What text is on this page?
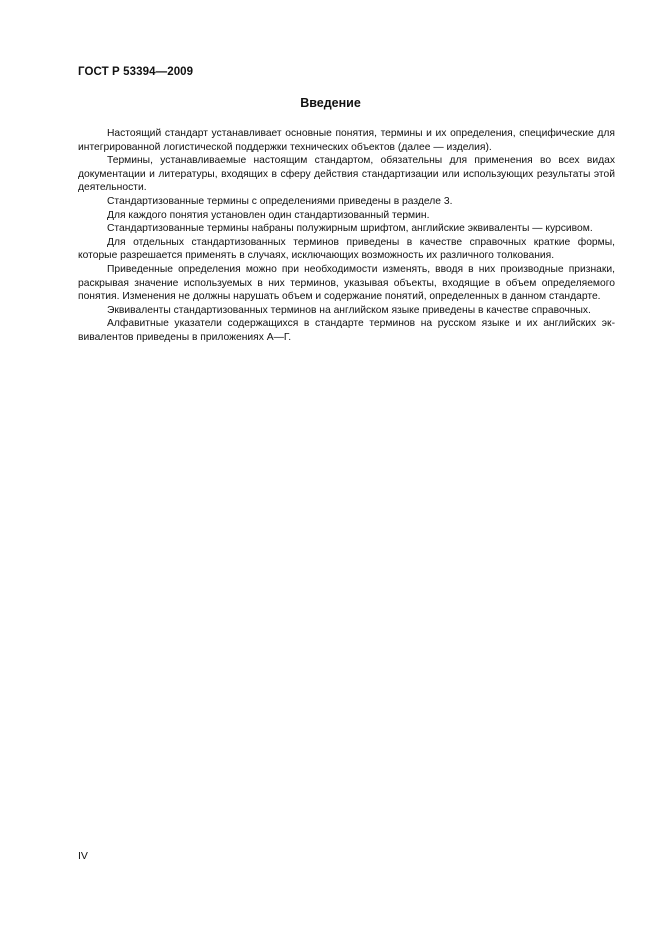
ГОСТ Р 53394—2009
Введение

Настоящий стандарт устанавливает основные понятия, термины и их определения, специфические для интегрированной логистической поддержки технических объектов (далее — изделия).

Термины, устанавливаемые настоящим стандартом, обязательны для применения во всех видах документации и литературы, входящих в сферу действия стандартизации или использующих результаты этой деятельности.

Стандартизованные термины с определениями приведены в разделе 3.

Для каждого понятия установлен один стандартизованный термин.

Стандартизованные термины набраны полужирным шрифтом, английские эквиваленты — курсивом.

Для отдельных стандартизованных терминов приведены в качестве справочных краткие формы, которые разрешается применять в случаях, исключающих возможность их различного толкования.

Приведенные определения можно при необходимости изменять, вводя в них производные признаки, раскрывая значение используемых в них терминов, указывая объекты, входящие в объем определяемого понятия. Изменения не должны нарушать объем и содержание понятий, определенных в данном стандарте.

Эквиваленты стандартизованных терминов на английском языке приведены в качестве справочных.

Алфавитные указатели содержащихся в стандарте терминов на русском языке и их английских эквивалентов приведены в приложениях А—Г.

IV
